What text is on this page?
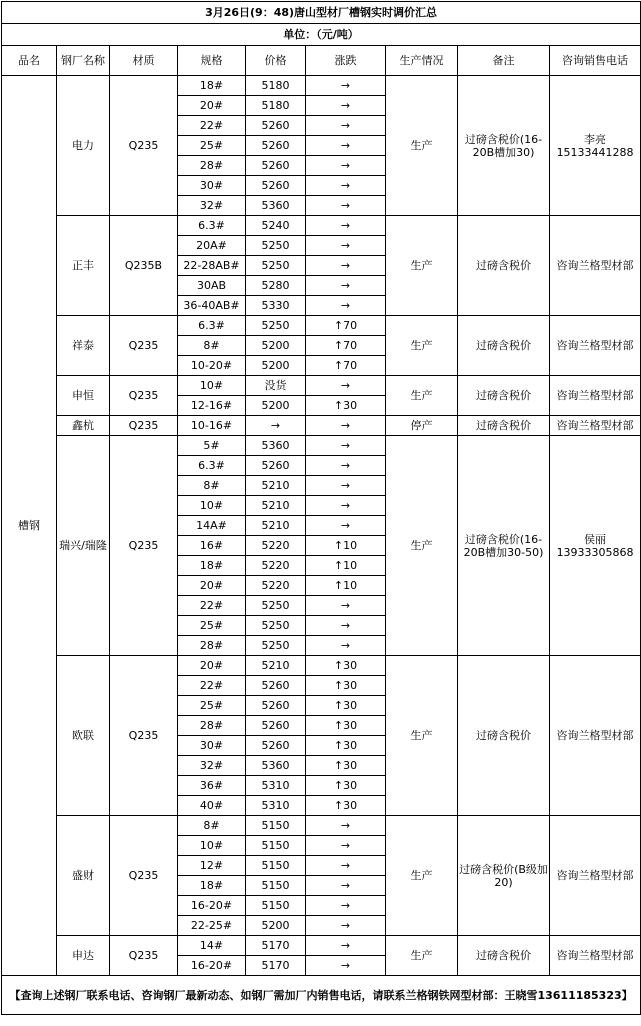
3月26日(9：48)唐山型材厂槽钢实时调价汇总								
单位：（元/吨）								
品名	钢厂名称	材质	规格	价格	涨跌	生产情况	备注	咨询销售电话
槽钢	电力	Q235	18#	5180	→	生产	过磅含税价(16-20B槽加30)	李亮15133441288
			20#	5180	→			
			22#	5260	→			
			25#	5260	→			
			28#	5260	→			
			30#	5260	→			
			32#	5360	→			
	正丰	Q235B	6.3#	5240	→	生产	过磅含税价	咨询兰格型材部
			20A#	5250	→			
			22-28AB#	5250	→			
			30AB	5280	→			
			36-40AB#	5330	→			
	祥泰	Q235	6.3#	5250	↑70	生产	过磅含税价	咨询兰格型材部
			8#	5200	↑70			
			10-20#	5200	↑70			
	申恒	Q235	10#	没货	→	生产	过磅含税价	咨询兰格型材部
			12-16#	5200	↑30			
	鑫杭	Q235	10-16#	→	→	停产	过磅含税价	咨询兰格型材部
	瑞兴/瑞隆	Q235	5#	5360	→	生产	过磅含税价(16-20B槽加30-50)	侯丽13933305868
			6.3#	5260	→			
			8#	5210	→			
			10#	5210	→			
			14A#	5210	→			
			16#	5220	↑10			
			18#	5220	↑10			
			20#	5220	↑10			
			22#	5250	→			
			25#	5250	→			
			28#	5250	→			
	欧联	Q235	20#	5210	↑30	生产	过磅含税价	咨询兰格型材部
			22#	5260	↑30			
			25#	5260	↑30			
			28#	5260	↑30			
			30#	5260	↑30			
			32#	5360	↑30			
			36#	5310	↑30			
			40#	5310	↑30			
	盛财	Q235	8#	5150	→	生产	过磅含税价(B级加20)	咨询兰格型材部
			10#	5150	→			
			12#	5150	→			
			18#	5150	→			
			16-20#	5150	→			
			22-25#	5200	→			
	申达	Q235	14#	5170	→	生产	过磅含税价	咨询兰格型材部
			16-20#	5170	→			
【查询上述钢厂联系电话、咨询钢厂最新动态、如钢厂需加厂内销售电话，请联系兰格钢铁网型材部：王晓雪13611185323】								
